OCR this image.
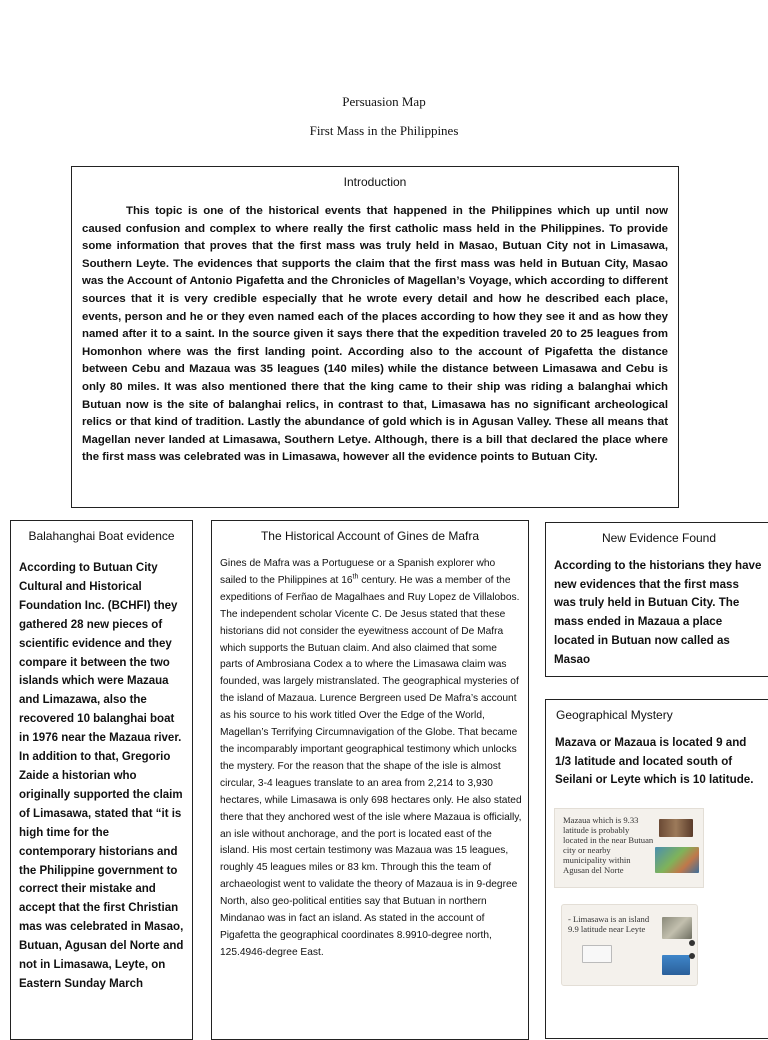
Persuasion Map
First Mass in the Philippines
Introduction
This topic is one of the historical events that happened in the Philippines which up until now caused confusion and complex to where really the first catholic mass held in the Philippines. To provide some information that proves that the first mass was truly held in Masao, Butuan City not in Limasawa, Southern Leyte. The evidences that supports the claim that the first mass was held in Butuan City, Masao was the Account of Antonio Pigafetta and the Chronicles of Magellan’s Voyage, which according to different sources that it is very credible especially that he wrote every detail and how he described each place, events, person and he or they even named each of the places according to how they see it and as how they named after it to a saint. In the source given it says there that the expedition traveled 20 to 25 leagues from Homonhon where was the first landing point. According also to the account of Pigafetta the distance between Cebu and Mazaua was 35 leagues (140 miles) while the distance between Limasawa and Cebu is only 80 miles. It was also mentioned there that the king came to their ship was riding a balanghai which Butuan now is the site of balanghai relics, in contrast to that, Limasawa has no significant archeological relics or that kind of tradition. Lastly the abundance of gold which is in Agusan Valley. These all means that Magellan never landed at Limasawa, Southern Letye. Although, there is a bill that declared the place where the first mass was celebrated was in Limasawa, however all the evidence points to Butuan City.
Balahanghai Boat evidence
According to Butuan City Cultural and Historical Foundation Inc. (BCHFI) they gathered 28 new pieces of scientific evidence and they compare it between the two islands which were Mazaua and Limazawa, also the recovered 10 balanghai boat in 1976 near the Mazaua river. In addition to that, Gregorio Zaide a historian who originally supported the claim of Limasawa, stated that “it is high time for the contemporary historians and the Philippine government to correct their mistake and accept that the first Christian mas was celebrated in Masao, Butuan, Agusan del Norte and not in Limasawa, Leyte, on Eastern Sunday March
The Historical Account of Gines de Mafra
Gines de Mafra was a Portuguese or a Spanish explorer who sailed to the Philippines at 16th century. He was a member of the expeditions of Ferñao de Magalhaes and Ruy Lopez de Villalobos. The independent scholar Vicente C. De Jesus stated that these historians did not consider the eyewitness account of De Mafra which supports the Butuan claim. And also claimed that some parts of Ambrosiana Codex a to where the Limasawa claim was founded, was largely mistranslated. The geographical mysteries of the island of Mazaua. Lurence Bergreen used De Mafra’s account as his source to his work titled Over the Edge of the World, Magellan’s Terrifying Circumnavigation of the Globe. That became the incomparably important geographical testimony which unlocks the mystery. For the reason that the shape of the isle is almost circular, 3-4 leagues translate to an area from 2,214 to 3,930 hectares, while Limasawa is only 698 hectares only. He also stated there that they anchored west of the isle where Mazaua is officially, an isle without anchorage, and the port is located east of the island. His most certain testimony was Mazaua was 15 leagues, roughly 45 leagues miles or 83 km. Through this the team of archaeologist went to validate the theory of Mazaua is in 9-degree North, also geo-political entities say that Butuan in northern Mindanao was in fact an island. As stated in the account of Pigafetta the geographical coordinates 8.9910-degree north, 125.4946-degree East.
New Evidence Found
According to the historians they have new evidences that the first mass was truly held in Butuan City. The mass ended in Mazaua a place located in Butuan now called as Masao
Geographical Mystery
Mazava or Mazaua is located 9 and 1/3 latitude and located south of Seilani or Leyte which is 10 latitude.
Mazaua which is 9.33 latitude is probably located in the near Butuan city or nearby municipality within Agusan del Norte
- Limasawa is an island 9.9 latitude near Leyte
